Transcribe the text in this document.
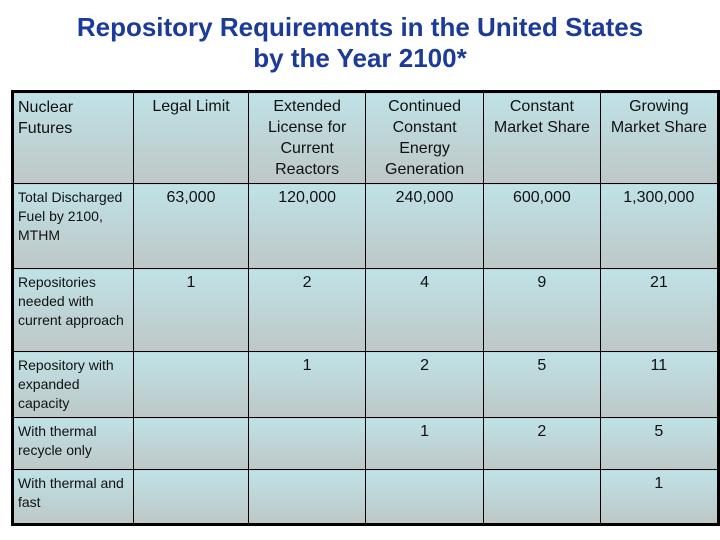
Repository Requirements in the United States
by the Year 2100*
Nuclear Futures	Legal Limit	Extended License for Current Reactors	Continued Constant Energy Generation	Constant Market Share	Growing Market Share
Total Discharged Fuel by 2100, MTHM	63,000	120,000	240,000	600,000	1,300,000
Repositories needed with current approach	1	2	4	9	21
Repository with expanded capacity		1	2	5	11
With thermal recycle only			1	2	5
With thermal and fast					1
